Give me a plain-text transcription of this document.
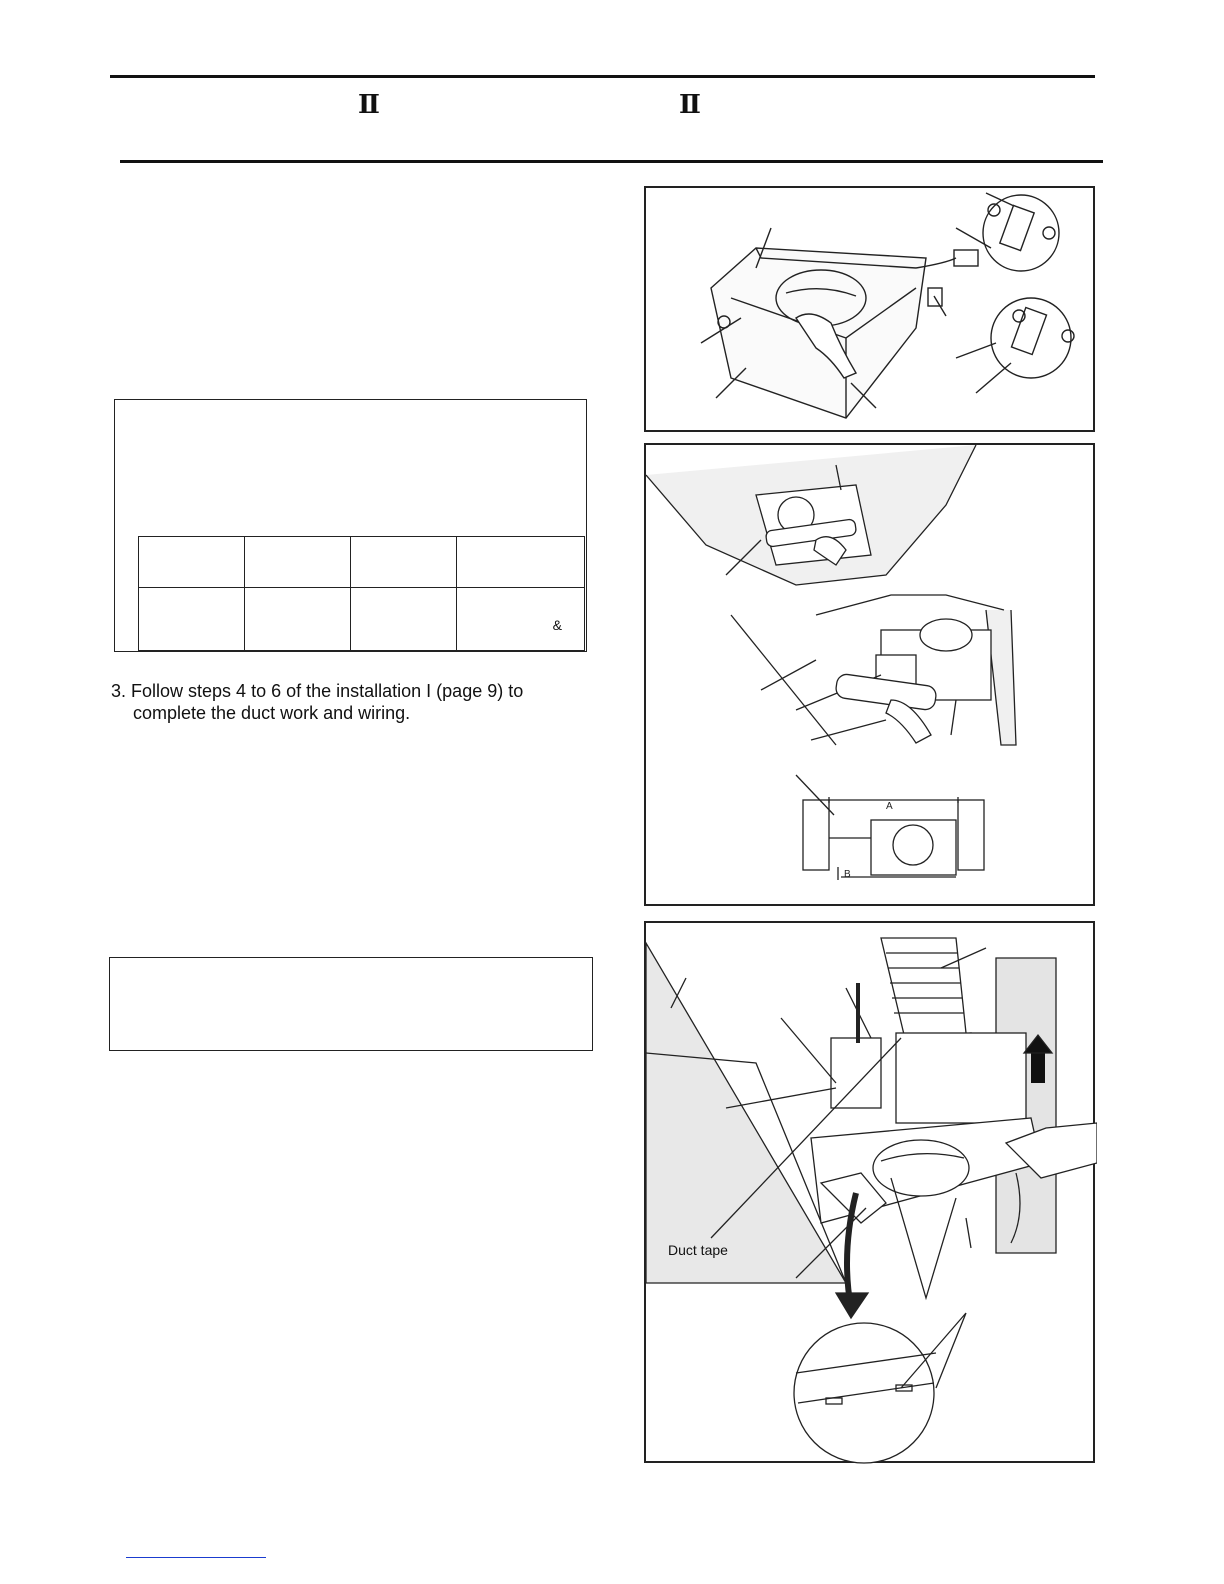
Ⅱ	Ⅱ

			&
3. Follow steps 4 to 6 of the installation I (page 9) to
complete the duct work and wiring.
A
B
Duct tape
